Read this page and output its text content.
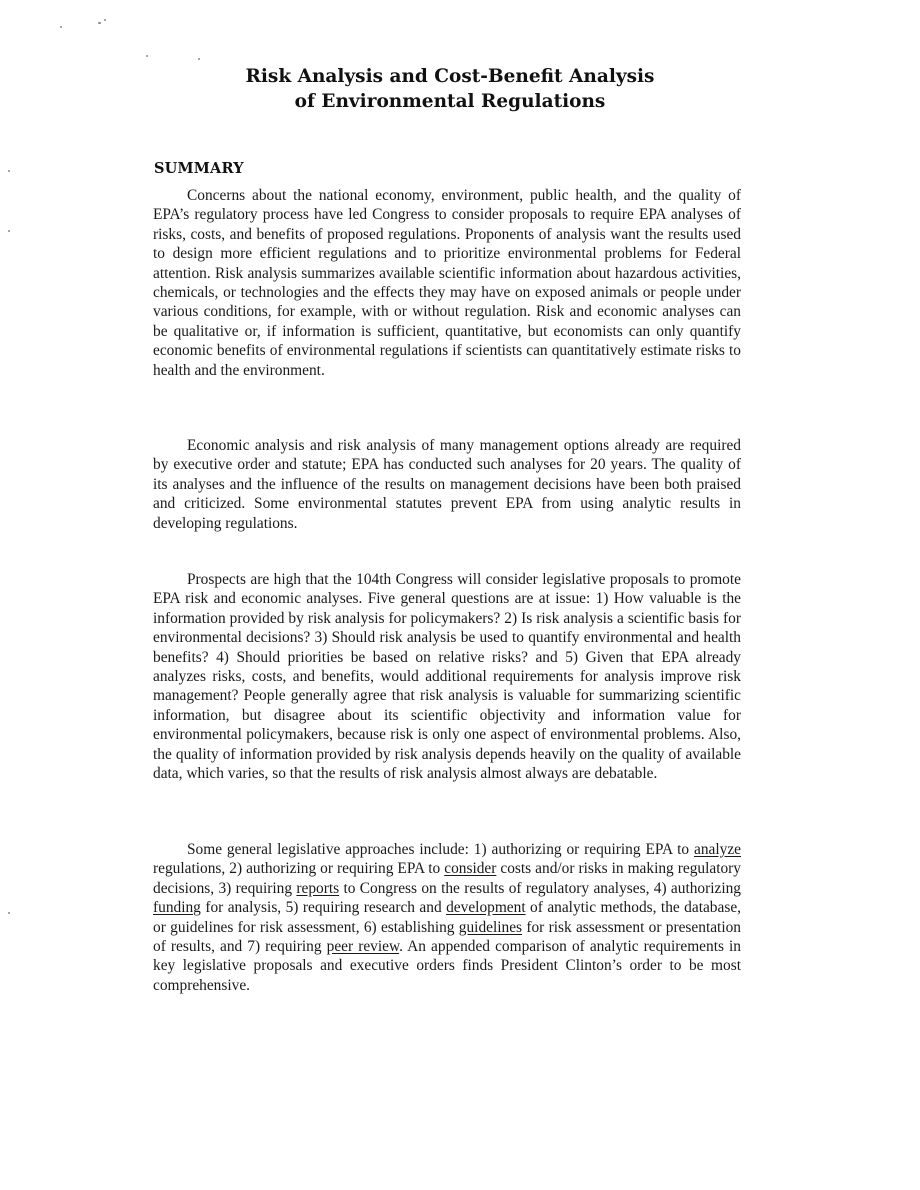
Risk Analysis and Cost-Benefit Analysis
of Environmental Regulations
SUMMARY

Concerns about the national economy, environment, public health, and the quality of EPA’s regulatory process have led Congress to consider proposals to require EPA analyses of risks, costs, and benefits of proposed regulations. Proponents of analysis want the results used to design more efficient regulations and to prioritize environmental problems for Federal attention. Risk analysis summarizes available scientific information about hazardous activities, chemicals, or technologies and the effects they may have on exposed animals or people under various conditions, for example, with or without regulation. Risk and economic analyses can be qualitative or, if information is sufficient, quantitative, but economists can only quantify economic benefits of environmental regulations if scientists can quantitatively estimate risks to health and the environment.

Economic analysis and risk analysis of many management options already are required by executive order and statute; EPA has conducted such analyses for 20 years. The quality of its analyses and the influence of the results on management decisions have been both praised and criticized. Some environmental statutes prevent EPA from using analytic results in developing regulations.

Prospects are high that the 104th Congress will consider legislative proposals to promote EPA risk and economic analyses. Five general questions are at issue: 1) How valuable is the information provided by risk analysis for policymakers? 2) Is risk analysis a scientific basis for environmental decisions? 3) Should risk analysis be used to quantify environmental and health benefits? 4) Should priorities be based on relative risks? and 5) Given that EPA already analyzes risks, costs, and benefits, would additional requirements for analysis improve risk management? People generally agree that risk analysis is valuable for summarizing scientific information, but disagree about its scientific objectivity and information value for environmental policymakers, because risk is only one aspect of environmental problems. Also, the quality of information provided by risk analysis depends heavily on the quality of available data, which varies, so that the results of risk analysis almost always are debatable.

Some general legislative approaches include: 1) authorizing or requiring EPA to analyze regulations, 2) authorizing or requiring EPA to consider costs and/or risks in making regulatory decisions, 3) requiring reports to Congress on the results of regulatory analyses, 4) authorizing funding for analysis, 5) requiring research and development of analytic methods, the database, or guidelines for risk assessment, 6) establishing guidelines for risk assessment or presentation of results, and 7) requiring peer review. An appended comparison of analytic requirements in key legislative proposals and executive orders finds President Clinton’s order to be most comprehensive.
